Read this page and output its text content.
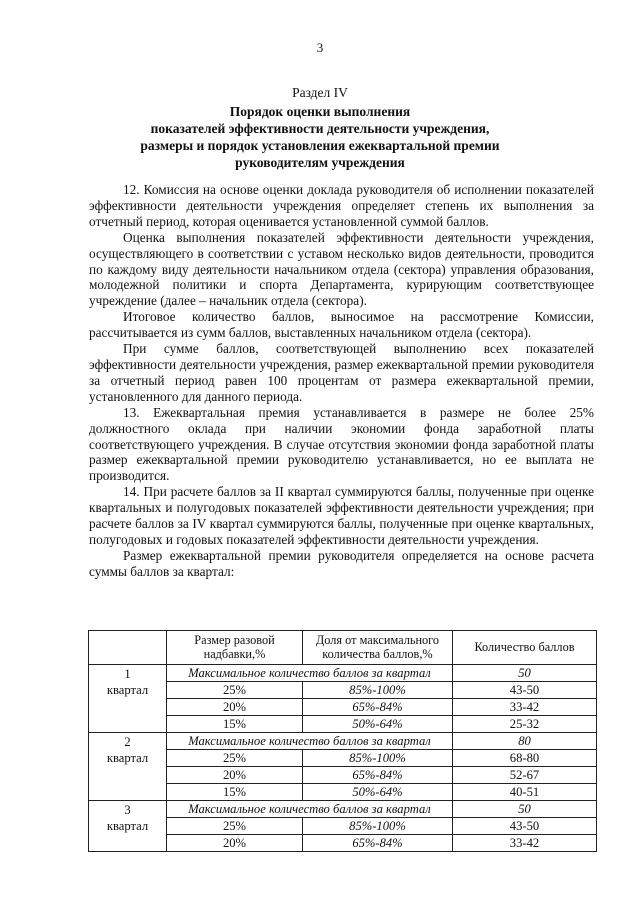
3
Раздел IV
Порядок оценки выполнения
показателей эффективности деятельности учреждения,
размеры и порядок установления ежеквартальной премии
руководителям учреждения

12. Комиссия на основе оценки доклада руководителя об исполнении показателей эффективности деятельности учреждения определяет степень их выполнения за отчетный период, которая оценивается установленной суммой баллов.

Оценка выполнения показателей эффективности деятельности учреждения, осуществляющего в соответствии с уставом несколько видов деятельности, проводится по каждому виду деятельности начальником отдела (сектора) управления образования, молодежной политики и спорта Департамента, курирующим соответствующее учреждение (далее – начальник отдела (сектора).

Итоговое количество баллов, выносимое на рассмотрение Комиссии, рассчитывается из сумм баллов, выставленных начальником отдела (сектора).

При сумме баллов, соответствующей выполнению всех показателей эффективности деятельности учреждения, размер ежеквартальной премии руководителя за отчетный период равен 100 процентам от размера ежеквартальной премии, установленного для данного периода.

13. Ежеквартальная премия устанавливается в размере не более 25% должностного оклада при наличии экономии фонда заработной платы соответствующего учреждения. В случае отсутствия экономии фонда заработной платы размер ежеквартальной премии руководителю устанавливается, но ее выплата не производится.

14. При расчете баллов за II квартал суммируются баллы, полученные при оценке квартальных и полугодовых показателей эффективности деятельности учреждения; при расчете баллов за IV квартал суммируются баллы, полученные при оценке квартальных, полугодовых и годовых показателей эффективности деятельности учреждения.

Размер ежеквартальной премии руководителя определяется на основе расчета суммы баллов за квартал:

	Размер разовой надбавки,%	Доля от максимального количества баллов,%	Количество баллов

1
квартал	Максимальное количество баллов за квартал		50
	25%	85%-100%	43-50
	20%	65%-84%	33-42
	15%	50%-64%	25-32

2
квартал	Максимальное количество баллов за квартал		80
	25%	85%-100%	68-80
	20%	65%-84%	52-67
	15%	50%-64%	40-51

3
квартал	Максимальное количество баллов за квартал		50
	25%	85%-100%	43-50
	20%	65%-84%	33-42
